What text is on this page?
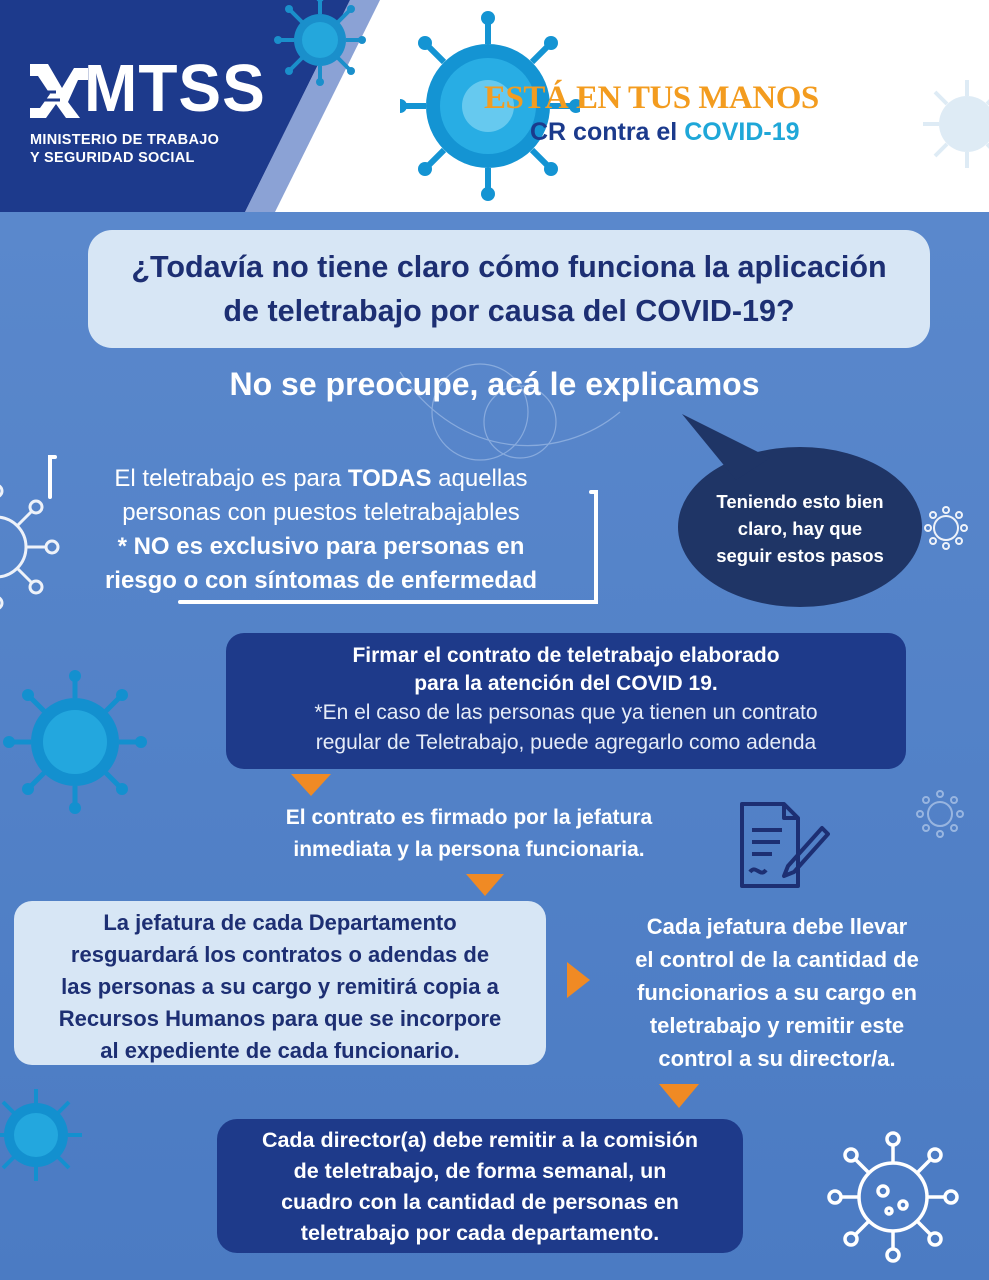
MTSS
MINISTERIO DE TRABAJO
Y SEGURIDAD SOCIAL
ESTÁ EN TUS MANOS
CR contra el COVID-19
¿Todavía no tiene claro cómo funciona la aplicación
de teletrabajo por causa del COVID-19?
No se preocupe, acá le explicamos
El teletrabajo es para TODAS aquellas
personas con puestos teletrabajables
* NO es exclusivo para personas en
riesgo o con síntomas de enfermedad
Teniendo esto bien
claro, hay que
seguir estos pasos
Firmar el contrato de teletrabajo elaborado
para la atención del COVID 19.
*En el caso de las personas que ya tienen un contrato
regular de Teletrabajo, puede agregarlo como adenda
El contrato es firmado por la jefatura
inmediata y la persona funcionaria.
La jefatura de cada Departamento
resguardará los contratos o adendas de
las personas a su cargo y remitirá copia a
Recursos Humanos para que se incorpore
al expediente de cada funcionario.
Cada jefatura debe llevar
el control de la cantidad de
funcionarios a su cargo en
teletrabajo y remitir este
control a su director/a.
Cada director(a) debe remitir a la comisión
de teletrabajo, de forma semanal, un
cuadro con la cantidad de personas en
teletrabajo por cada departamento.
